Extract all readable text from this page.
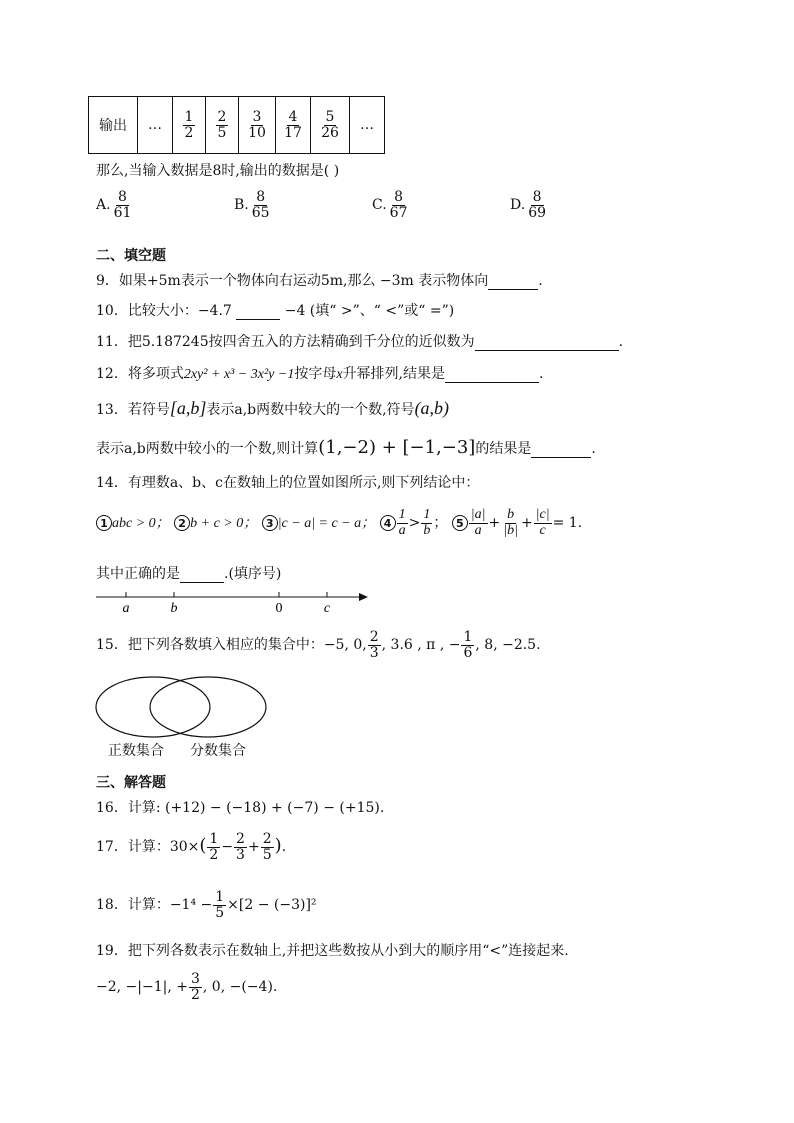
输出	…	$\frac{1}{2}$	$\frac{2}{5}$	$\frac{3}{10}$	$\frac{4}{17}$	$\frac{5}{26}$	…
那么,当输入数据是8时,输出的数据是( )
A. $\frac{8}{61}$	B. $\frac{8}{65}$	C. $\frac{8}{67}$	D. $\frac{8}{69}$
二、填空题
9．如果+5m表示一个物体向右运动5m,那么 −3m 表示物体向	.
10．比较大小：−4.7	−4 (填“ >”、“ <”或“ =”)
11．把5.187245按四舍五入的方法精确到千分位的近似数为	.
12．将多项式2xy² + x³ − 3x²y −1按字母x升幂排列,结果是	.
13．若符号[a,b]表示a,b两数中较大的一个数,符号(a,b)
表示a,b两数中较小的一个数,则计算(1,−2) + [−1,−3]的结果是	.
14．有理数a、b、c在数轴上的位置如图所示,则下列结论中：
1 abc > 0； 2 b + c > 0； 3 |c − a| = c − a； $4 \frac{1}{a} > \frac{1}{b}$ ； $5 \frac{|a|}{a} + \frac{b}{|b|} + \frac{|c|}{c} = 1$.
其中正确的是	.(填序号)
a	b	0	c
15．把下列各数填入相应的集合中：−5, 0, $\frac{2}{3}$ , 3.6 , π , − $\frac{1}{6}$ , 8, −2.5.
正数集合 分数集合
三、解答题
16．计算: (+12) − (−18) + (−7) − (+15).
17．计算：$30\times( \frac{1}{2} - \frac{2}{3} + \frac{2}{5}$ ).
18．计算：$-1^4 - \frac{1}{5} \times[2 - (-3)]^2$
19．把下列各数表示在数轴上,并把这些数按从小到大的顺序用“<”连接起来.
−2, −|−1|, + $\frac{3}{2}$ , 0, −(−4).
